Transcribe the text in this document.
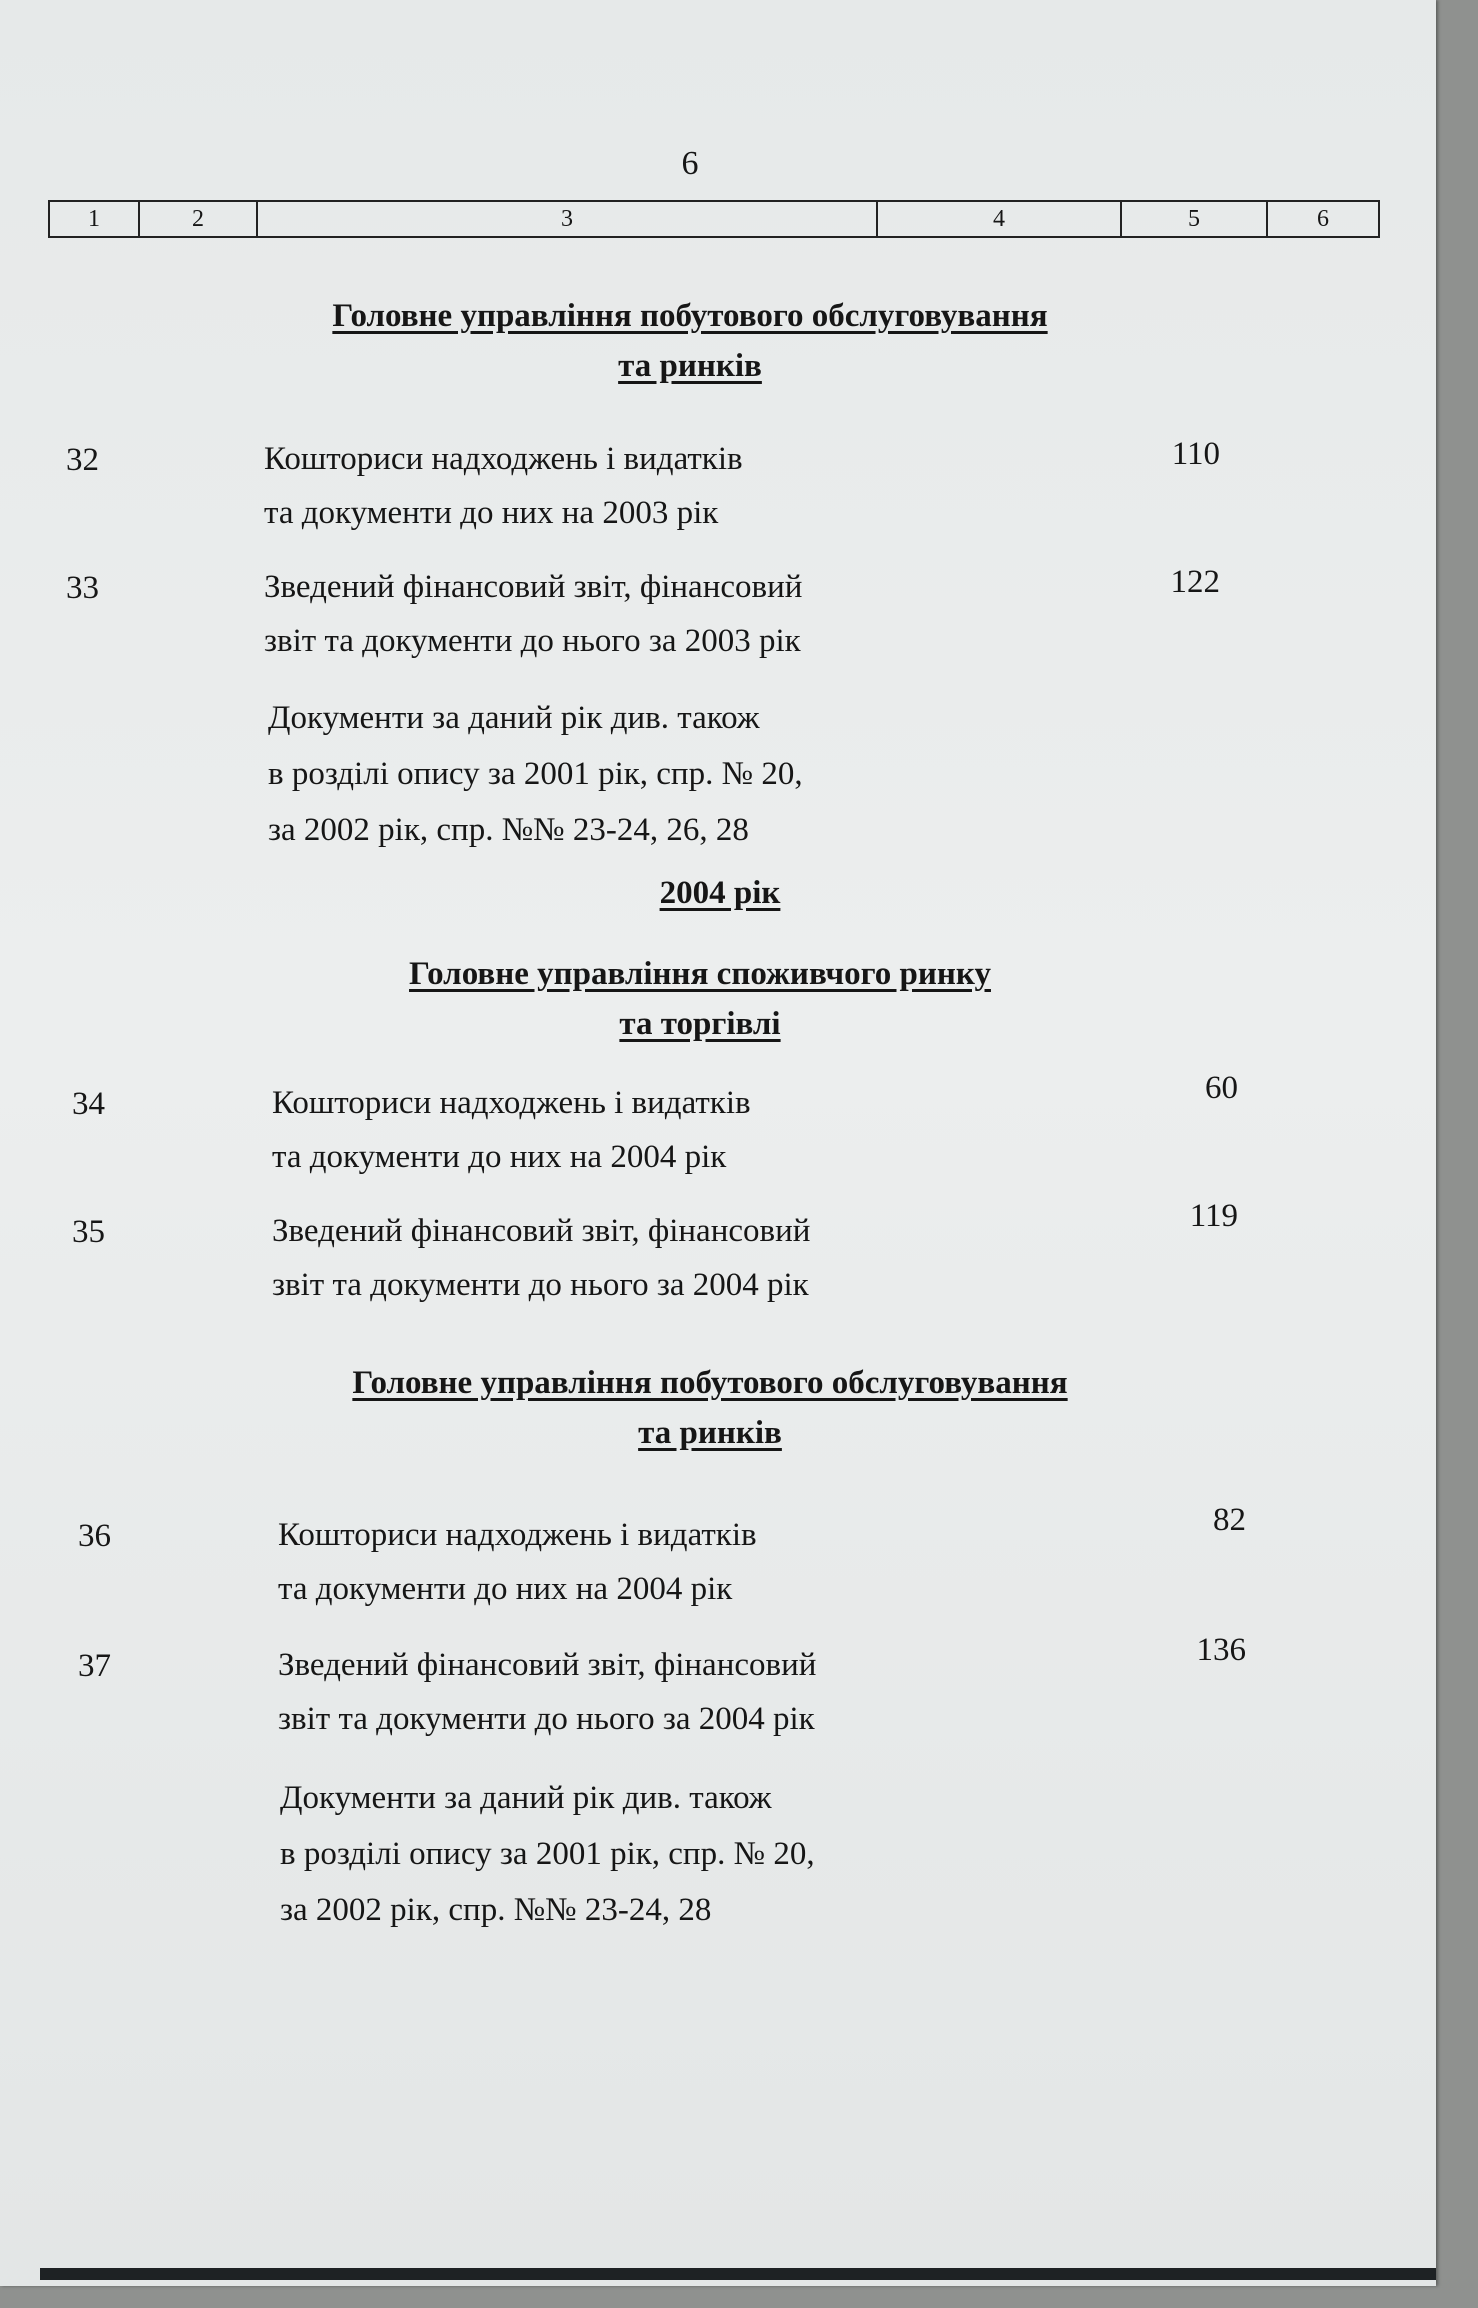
6
1	2	3	4	5	6
Головне управління побутового обслуговування
та ринків
32	Кошториси надходжень і видатків
та документи до них на 2003 рік
110
33	Зведений фінансовий звіт, фінансовий
звіт та документи до нього за 2003 рік
122
Документи за даний рік див. також
в розділі опису за 2001 рік, спр. № 20,
за 2002 рік, спр. №№ 23-24, 26, 28
2004 рік
Головне управління споживчого ринку
та торгівлі
34	Кошториси надходжень і видатків
та документи до них на 2004 рік
60
35	Зведений фінансовий звіт, фінансовий
звіт та документи до нього за 2004 рік
119
Головне управління побутового обслуговування
та ринків
36	Кошториси надходжень і видатків
та документи до них на 2004 рік
82
37	Зведений фінансовий звіт, фінансовий
звіт та документи до нього за 2004 рік
136
Документи за даний рік див. також
в розділі опису за 2001 рік, спр. № 20,
за 2002 рік, спр. №№ 23-24, 28
